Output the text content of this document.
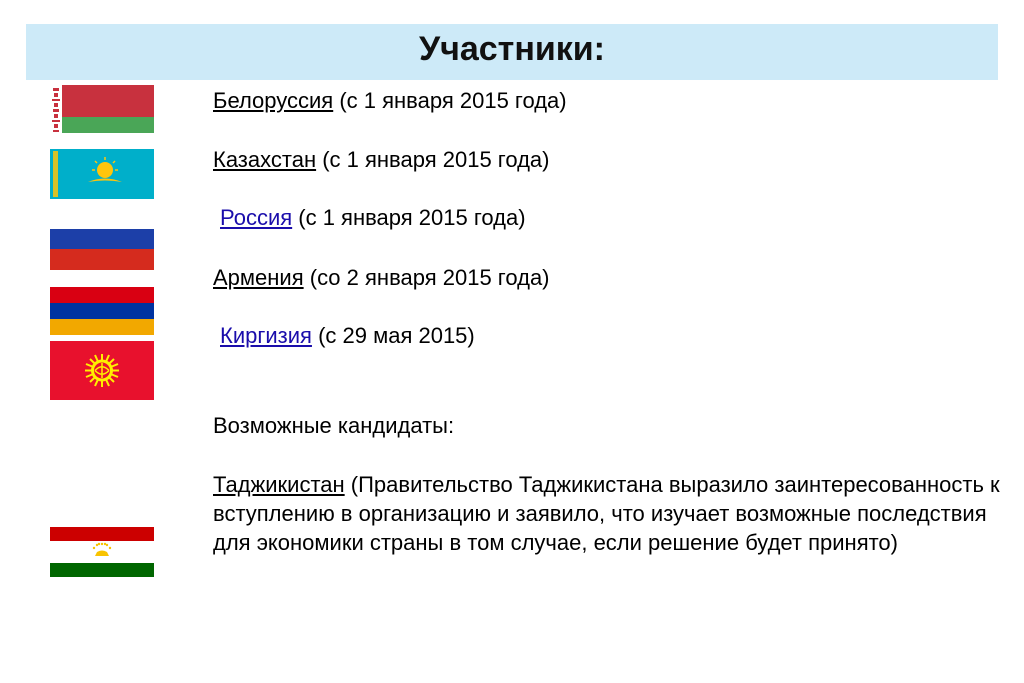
Участники:
Белоруссия (с 1 января 2015 года)
Казахстан (с 1 января 2015 года)
Россия (с 1 января 2015 года)
Армения (со 2 января 2015 года)
Киргизия (с 29 мая 2015)
Возможные кандидаты:
Таджикистан (Правительство Таджикистана выразило заинтересованность к вступлению в организацию и заявило, что изучает возможные последствия для экономики страны в том случае, если решение будет принято)
